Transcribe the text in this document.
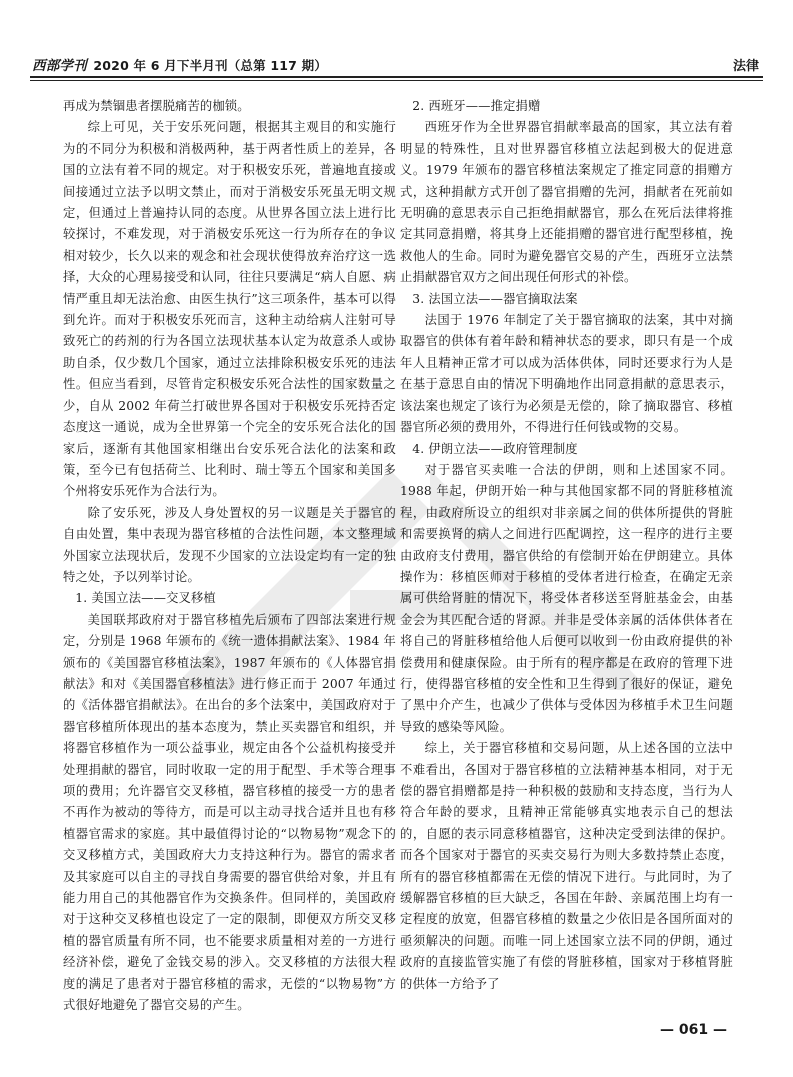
西部学刊 2020 年 6 月下半月刊（总第 117 期）	法律

再成为禁锢患者摆脱痛苦的枷锁。

综上可见，关于安乐死问题，根据其主观目的和实施行为的不同分为积极和消极两种，基于两者性质上的差异，各国的立法有着不同的规定。对于积极安乐死，普遍地直接或间接通过立法予以明文禁止，而对于消极安乐死虽无明文规定，但通过上普遍持认同的态度。从世界各国立法上进行比较探讨，不难发现，对于消极安乐死这一行为所存在的争议相对较少，长久以来的观念和社会现状使得放弃治疗这一选择，大众的心理易接受和认同，往往只要满足“病人自愿、病情严重且却无法治愈、由医生执行”这三项条件，基本可以得到允许。而对于积极安乐死而言，这种主动给病人注射可导致死亡的药剂的行为各国立法现状基本认定为故意杀人或协助自杀，仅少数几个国家，通过立法排除积极安乐死的违法性。但应当看到，尽管肯定积极安乐死合法性的国家数量之少，自从 2002 年荷兰打破世界各国对于积极安乐死持否定态度这一通说，成为全世界第一个完全的安乐死合法化的国家后，逐渐有其他国家相继出台安乐死合法化的法案和政策，至今已有包括荷兰、比利时、瑞士等五个国家和美国多个州将安乐死作为合法行为。

除了安乐死，涉及人身处置权的另一议题是关于器官的自由处置，集中表现为器官移植的合法性问题，本文整理域外国家立法现状后，发现不少国家的立法设定均有一定的独特之处，予以列举讨论。

1. 美国立法——交叉移植

美国联邦政府对于器官移植先后颁布了四部法案进行规定，分别是 1968 年颁布的《统一遗体捐献法案》、1984 年颁布的《美国器官移植法案》，1987 年颁布的《人体器官捐献法》和对《美国器官移植法》进行修正而于 2007 年通过的《活体器官捐献法》。在出台的多个法案中，美国政府对于器官移植所体现出的基本态度为，禁止买卖器官和组织，并将器官移植作为一项公益事业，规定由各个公益机构接受并处理捐献的器官，同时收取一定的用于配型、手术等合理事项的费用；允许器官交叉移植，器官移植的接受一方的患者不再作为被动的等待方，而是可以主动寻找合适并且也有移植器官需求的家庭。其中最值得讨论的“以物易物”观念下的交叉移植方式，美国政府大力支持这种行为。器官的需求者及其家庭可以自主的寻找自身需要的器官供给对象，并且有能力用自己的其他器官作为交换条件。但同样的，美国政府对于这种交叉移植也设定了一定的限制，即便双方所交叉移植的器官质量有所不同，也不能要求质量相对差的一方进行经济补偿，避免了金钱交易的涉入。交叉移植的方法很大程度的满足了患者对于器官移植的需求，无偿的“以物易物”方式很好地避免了器官交易的产生。

2. 西班牙——推定捐赠

西班牙作为全世界器官捐献率最高的国家，其立法有着明显的特殊性，且对世界器官移植立法起到极大的促进意义。1979 年颁布的器官移植法案规定了推定同意的捐赠方式，这种捐献方式开创了器官捐赠的先河，捐献者在死前如无明确的意思表示自己拒绝捐献器官，那么在死后法律将推定其同意捐赠，将其身上还能捐赠的器官进行配型移植，挽救他人的生命。同时为避免器官交易的产生，西班牙立法禁止捐献器官双方之间出现任何形式的补偿。

3. 法国立法——器官摘取法案

法国于 1976 年制定了关于器官摘取的法案，其中对摘取器官的供体有着年龄和精神状态的要求，即只有是一个成年人且精神正常才可以成为活体供体，同时还要求行为人是在基于意思自由的情况下明确地作出同意捐献的意思表示，该法案也规定了该行为必须是无偿的，除了摘取器官、移植器官所必须的费用外，不得进行任何钱或物的交易。

4. 伊朗立法——政府管理制度

对于器官买卖唯一合法的伊朗，则和上述国家不同。1988 年起，伊朗开始一种与其他国家都不同的肾脏移植流程，由政府所设立的组织对非亲属之间的供体所提供的肾脏和需要换肾的病人之间进行匹配调控，这一程序的进行主要由政府支付费用，器官供给的有偿制开始在伊朗建立。具体操作为：移植医师对于移植的受体者进行检查，在确定无亲属可供给肾脏的情况下，将受体者移送至肾脏基金会，由基金会为其匹配合适的肾源。并非是受体亲属的活体供体者在将自己的肾脏移植给他人后便可以收到一份由政府提供的补偿费用和健康保险。由于所有的程序都是在政府的管理下进行，使得器官移植的安全性和卫生得到了很好的保证，避免了黑中介产生，也减少了供体与受体因为移植手术卫生问题导致的感染等风险。

综上，关于器官移植和交易问题，从上述各国的立法中不难看出，各国对于器官移植的立法精神基本相同，对于无偿的器官捐赠都是持一种积极的鼓励和支持态度，当行为人符合年龄的要求，且精神正常能够真实地表示自己的想法的，自愿的表示同意移植器官，这种决定受到法律的保护。而各个国家对于器官的买卖交易行为则大多数持禁止态度，所有的器官移植都需在无偿的情况下进行。与此同时，为了缓解器官移植的巨大缺乏，各国在年龄、亲属范围上均有一定程度的放宽，但器官移植的数量之少依旧是各国所面对的亟须解决的问题。而唯一同上述国家立法不同的伊朗，通过政府的直接监管实施了有偿的肾脏移植，国家对于移植肾脏的供体一方给予了

— 061 —
